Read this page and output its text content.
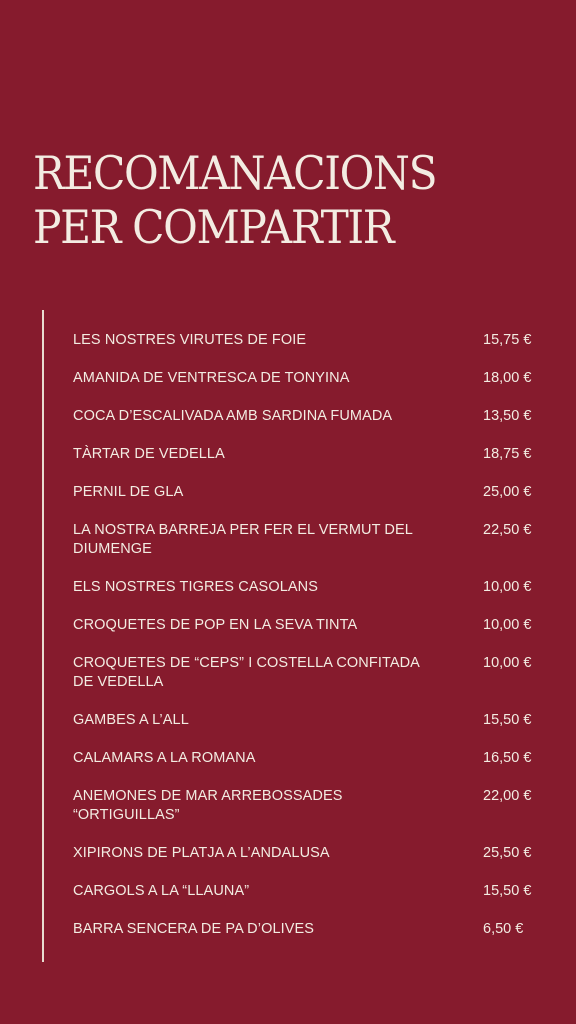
RECOMANACIONS
PER COMPARTIR
LES NOSTRES VIRUTES DE FOIE	15,75 €
AMANIDA DE VENTRESCA DE TONYINA	18,00 €
COCA D’ESCALIVADA AMB SARDINA FUMADA	13,50 €
TÀRTAR DE VEDELLA	18,75 €
PERNIL DE GLA	25,00 €
LA NOSTRA BARREJA PER FER EL VERMUT DEL DIUMENGE
22,50 €
ELS NOSTRES TIGRES CASOLANS	10,00 €
CROQUETES DE POP EN LA SEVA TINTA	10,00 €
CROQUETES DE “CEPS” I COSTELLA CONFITADA DE VEDELLA
10,00 €
GAMBES A L’ALL	15,50 €
CALAMARS A LA ROMANA	16,50 €
ANEMONES DE MAR ARREBOSSADES “ORTIGUILLAS”
22,00 €
XIPIRONS DE PLATJA A L’ANDALUSA	25,50 €
CARGOLS A LA “LLAUNA”	15,50 €
BARRA SENCERA DE PA D’OLIVES	6,50 €
